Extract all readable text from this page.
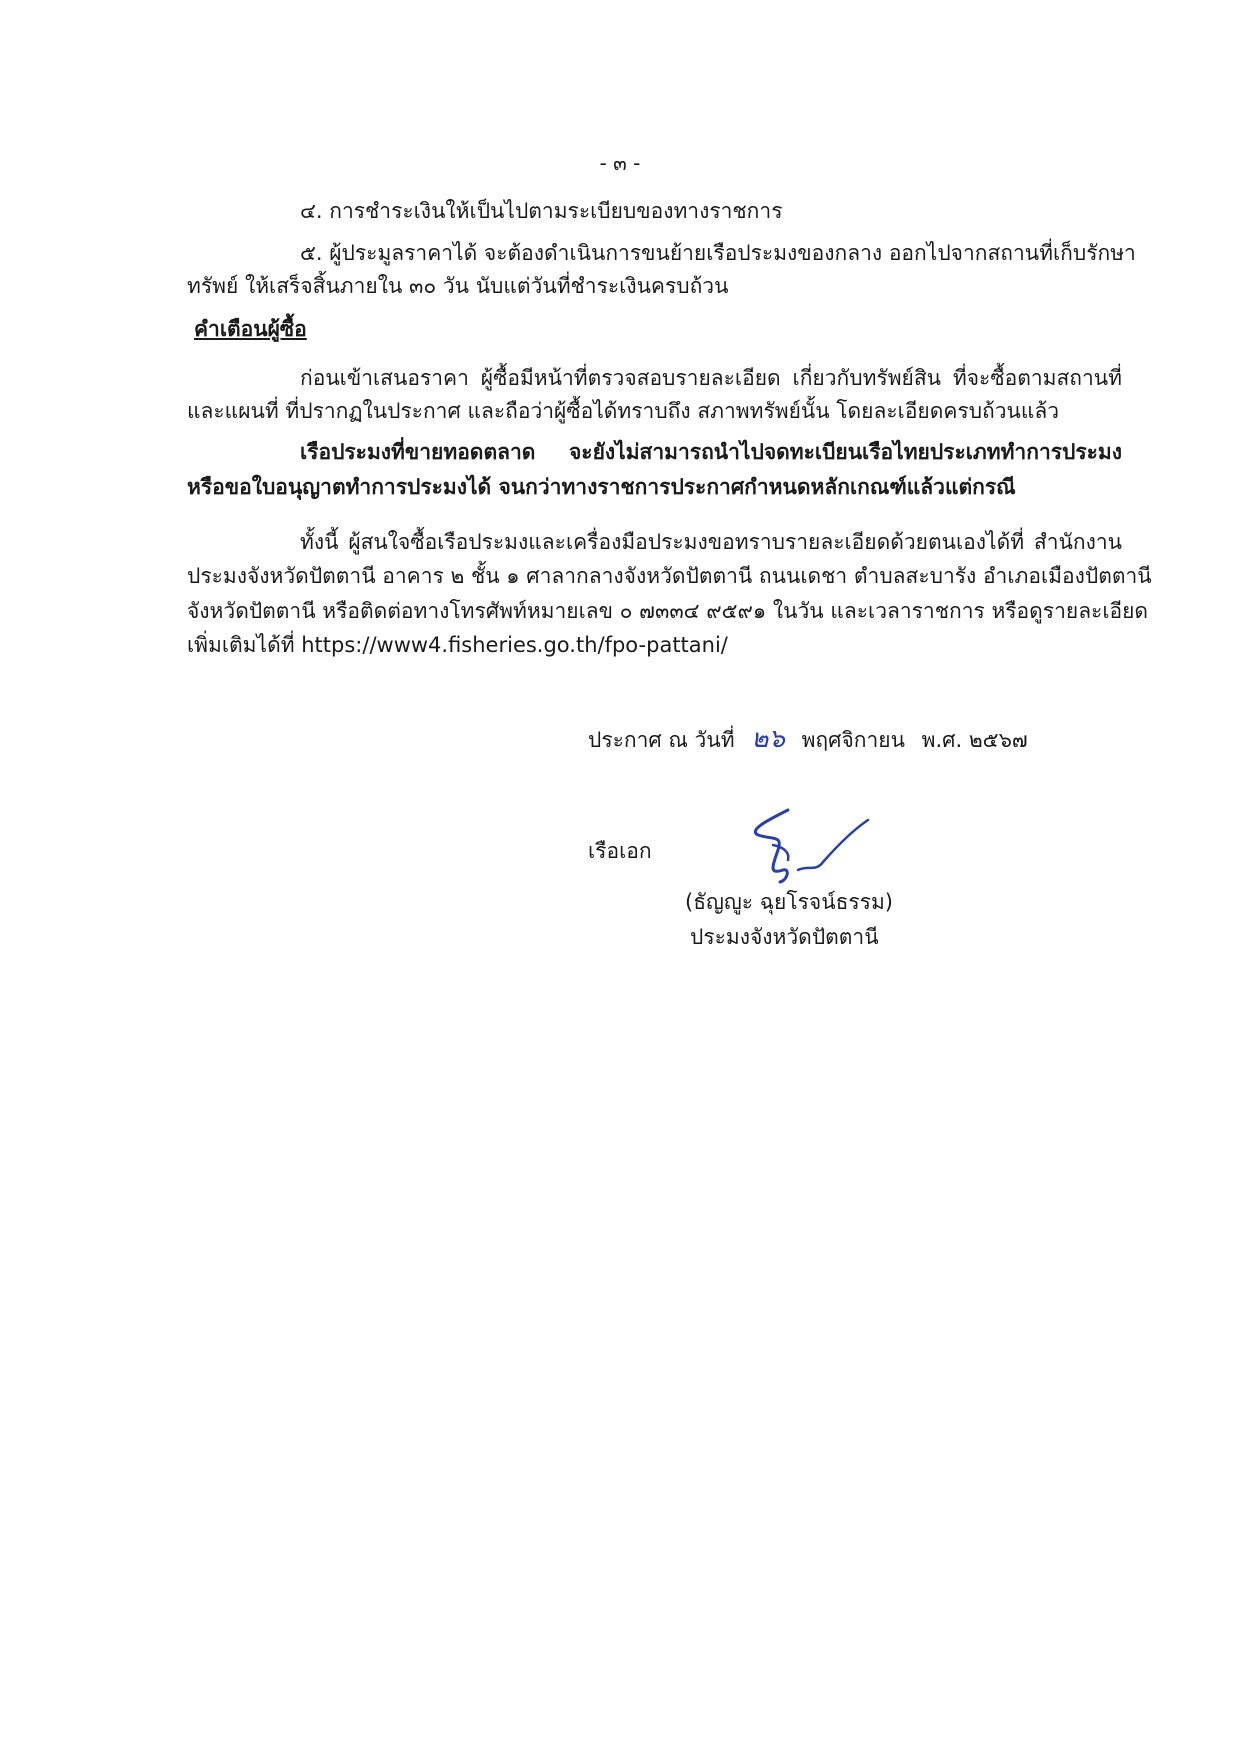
- ๓ -
๔. การชำระเงินให้เป็นไปตามระเบียบของทางราชการ
๕. ผู้ประมูลราคาได้ จะต้องดำเนินการขนย้ายเรือประมงของกลาง ออกไปจากสถานที่เก็บรักษา
ทรัพย์ ให้เสร็จสิ้นภายใน ๓๐ วัน นับแต่วันที่ชำระเงินครบถ้วน
คำเตือนผู้ซื้อ
ก่อนเข้าเสนอราคา ผู้ซื้อมีหน้าที่ตรวจสอบรายละเอียด เกี่ยวกับทรัพย์สิน ที่จะซื้อตามสถานที่
และแผนที่ ที่ปรากฏในประกาศ และถือว่าผู้ซื้อได้ทราบถึง สภาพทรัพย์นั้น โดยละเอียดครบถ้วนแล้ว
เรือประมงที่ขายทอดตลาด จะยังไม่สามารถนำไปจดทะเบียนเรือไทยประเภททำการประมง
หรือขอใบอนุญาตทำการประมงได้ จนกว่าทางราชการประกาศกำหนดหลักเกณฑ์แล้วแต่กรณี
ทั้งนี้ ผู้สนใจซื้อเรือประมงและเครื่องมือประมงขอทราบรายละเอียดด้วยตนเองได้ที่ สำนักงาน
ประมงจังหวัดปัตตานี อาคาร ๒ ชั้น ๑ ศาลากลางจังหวัดปัตตานี ถนนเดชา ตำบลสะบารัง อำเภอเมืองปัตตานี
จังหวัดปัตตานี หรือติดต่อทางโทรศัพท์หมายเลข ๐ ๗๓๓๔ ๙๕๙๑ ในวัน และเวลาราชการ หรือดูรายละเอียด
เพิ่มเติมได้ที่ https://www4.fisheries.go.th/fpo-pattani/
ประกาศ ณ วันที่ ๒๖ พฤศจิกายน พ.ศ. ๒๕๖๗
เรือเอก
(ธัญญูะ ฉุยโรจน์ธรรม)
ประมงจังหวัดปัตตานี
